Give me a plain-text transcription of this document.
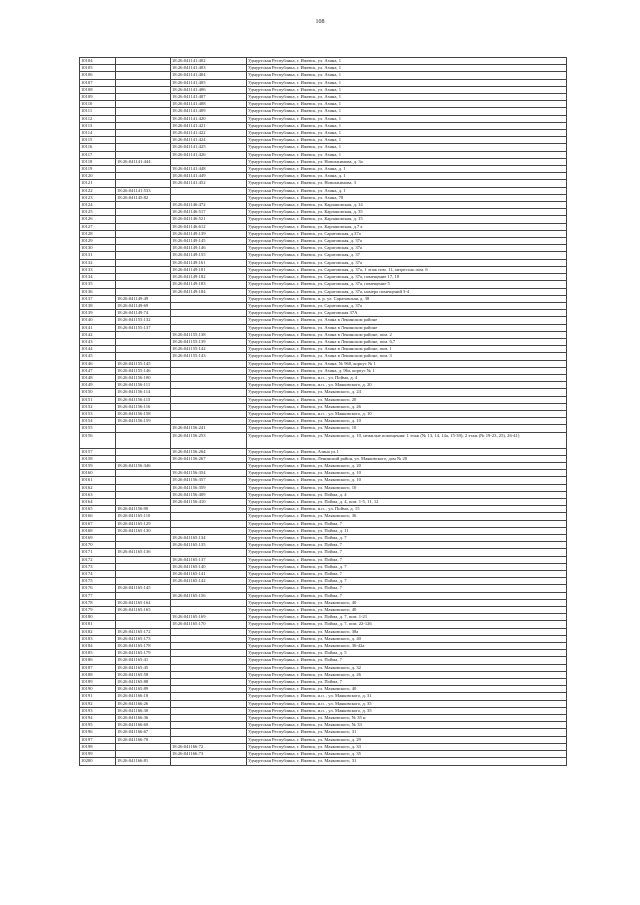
108
10104		18:26:041141:402	Удмуртская Республика, г. Ижевск, ул. Азина, 1
10105		18:26:041141:403	Удмуртская Республика, г. Ижевск, ул. Азина, 1
10106		18:26:041141:404	Удмуртская Республика, г. Ижевск, ул. Азина, 1
10107		18:26:041141:405	Удмуртская Республика, г. Ижевск, ул. Азина, 1
10108		18:26:041141:406	Удмуртская Республика, г. Ижевск, ул. Азина, 1
10109		18:26:041141:407	Удмуртская Республика, г. Ижевск, ул. Азина, 1
10110		18:26:041141:408	Удмуртская Республика, г. Ижевск, ул. Азина, 1
10111		18:26:041141:409	Удмуртская Республика, г. Ижевск, ул. Азина, 1
10112		18:26:041141:420	Удмуртская Республика, г. Ижевск, ул. Азина, 1
10113		18:26:041141:421	Удмуртская Республика, г. Ижевск, ул. Азина, 1
10114		18:26:041141:422	Удмуртская Республика, г. Ижевск, ул. Азина, 1
10115		18:26:041141:424	Удмуртская Республика, г. Ижевск, ул. Азина, 1
10116		18:26:041141:425	Удмуртская Республика, г. Ижевск, ул. Азина, 1
10117		18:26:041141:426	Удмуртская Республика, г. Ижевск, ул. Азина, 1
10118	18:26:041141:444		Удмуртская Республика, г. Ижевск, ул. Новоажимова, д. 3а
10119		18:26:041141:448	Удмуртская Республика, г. Ижевск, ул. Азина, д. 1
10120		18:26:041141:449	Удмуртская Республика, г. Ижевск, ул. Азина, д. 1
10121		18:26:041141:452	Удмуртская Республика, г. Ижевск, ул. Новоажимова, 3
10122	18:26:041141:533		Удмуртская Республика, г. Ижевск, ул. Азина, д. 1
10123	18:26:041145:82		Удмуртская Республика, г. Ижевск, ул. Азина, 78
10124		18:26:041146:472	Удмуртская Республика, г. Ижевск, ул. Карлановская, д. 14
10125		18:26:041146:517	Удмуртская Республика, г. Ижевск, ул. Карлановская, д. 35
10126		18:26:041146:521	Удмуртская Республика, г. Ижевск, ул. Карлановская, д. 15
10127		18:26:041146:612	Удмуртская Республика, г. Ижевск, ул. Карлановская, д.7 а
10128		18:26:041149:139	Удмуртская Республика, г. Ижевск, ул. Саратовская, д.37а
10129		18:26:041149:145	Удмуртская Республика, г. Ижевск, ул. Саратовская, д. 37а
10130		18:26:041149:146	Удмуртская Республика, г. Ижевск, ул. Саратовская, д. 37а
10131		18:26:041149:155	Удмуртская Республика, г. Ижевск, ул. Саратовская, д. 37
10132		18:26:041149:161	Удмуртская Республика, г. Ижевск, ул. Саратовская, д. 37а
10133		18:26:041149:181	Удмуртская Республика, г. Ижевск, ул. Саратовская, д. 37а, 1 этаж пом. 11, антресоль пом. 6
10134		18:26:041149:182	Удмуртская Республика, г. Ижевск, ул. Саратовская, д. 37а, помещение 17, 18
10135		18:26:041149:183	Удмуртская Республика, г. Ижевск, ул. Саратовская, д. 37а, помещение 5
10136		18:26:041149:184	Удмуртская Республика, г. Ижевск, ул. Саратовская, д. 37а, номера помещений 3-4
10137	18:26:041149:49		Удмуртская Республика, г. Ижевск, п. р. ул. Саратовская, д. 38
10138	18:26:041149:69		Удмуртская Республика, г. Ижевск, ул. Саратовская, д. 37а
10139	18:26:041149:74		Удмуртская Республика, г. Ижевск, ул. Саратовская 37А
10140	18:26:041155:132		Удмуртская Республика, г. Ижевск, ул. Азина в Ленинском районе
10141	18:26:041155:137		Удмуртская Республика, г. Ижевск, ул. Азина в Ленинском районе
10142		18:26:041155:138	Удмуртская Республика, г. Ижевск, ул. Азина в Ленинском районе, пом. 2
10143		18:26:041155:139	Удмуртская Республика, г. Ижевск, ул. Азина в Ленинском районе, пом. 6,7
10144		18:26:041155:142	Удмуртская Республика, г. Ижевск, ул. Азина в Ленинском районе, пом. 1
10145		18:26:041155:143	Удмуртская Республика, г. Ижевск, ул. Азина в Ленинском районе, пом. 3
10146	18:26:041155:145		Удмуртская Республика, г. Ижевск, ул. Азина, № 960, корпус № 1
10147	18:26:041155:146		Удмуртская Республика, г. Ижевск, ул. Азина, д. 96а, корпус № 1
10148	18:26:041156:100		Удмуртская Республика, г. Ижевск, и.п. , ул. Пойма, д. 4
10149	18:26:041156:111		Удмуртская Республика, г. Ижевск, и.п. , ул. Маяковского, д. 20
10150	18:26:041156:114		Удмуртская Республика, г. Ижевск, ул. Маяковского, д. 24
10151	18:26:041156:115		Удмуртская Республика, г. Ижевск, ул. Маяковского, 20
10152	18:26:041156:116		Удмуртская Республика, г. Ижевск, ул. Маяковского, д. 26
10153	18:26:041156:158		Удмуртская Республика, г. Ижевск, и.п. , ул. Маяковского, д. 10
10154	18:26:041156:159		Удмуртская Республика, г. Ижевск, ул. Маяковского, д. 10
10155		18:26:041156:241	Удмуртская Республика, г. Ижевск, ул. Маяковского, 10
10156		18:26:041156:253	Удмуртская Республика, г. Ижевск, ул. Маяковского, д. 10, нежилые помещения: 1 этаж (№ 13, 14, 14а, 15-39); 2 этаж (№ 19-23, 25), 26-41)
10157		18:26:041156:264	Удмуртская Республика, г. Ижевск, Азина ул.1
10158		18:26:041156:267	Удмуртская Республика, г. Ижевск, Ленинский район, ул. Маяковского, дом № 20
10159	18:26:041156:346		Удмуртская Республика, г. Ижевск, ул. Маяковского, д. 20
10160		18:26:041156:354	Удмуртская Республика, г. Ижевск, ул. Маяковского, д. 10
10161		18:26:041156:357	Удмуртская Республика, г. Ижевск, ул. Маяковского, д. 10
10162		18:26:041156:359	Удмуртская Республика, г. Ижевск, ул. Маяковского, 10
10163		18:26:041156:409	Удмуртская Республика, г. Ижевск, ул. Пойма, д. 4
10164		18:26:041156:410	Удмуртская Республика, г. Ижевск, ул. Пойма, д. 4, пом. 1-5, 11, 12
10165	18:26:041156:90		Удмуртская Республика, г. Ижевск, и.п. , ул. Пойма, д. 15
10166	18:26:041165:110		Удмуртская Республика, г. Ижевск, ул. Маяковского, 36
10167	18:26:041165:129		Удмуртская Республика, г. Ижевск, ул. Пойма, 7
10168	18:26:041165:130		Удмуртская Республика, г. Ижевск, ул. Пойма, д. 11
10169		18:26:041165:134	Удмуртская Республика, г. Ижевск, ул. Пойма, д. 7
10170		18:26:041165:135	Удмуртская Республика, г. Ижевск, ул. Пойма, 7
10171	18:26:041165:136		Удмуртская Республика, г. Ижевск, ул. Пойма, 7
10172		18:26:041165:137	Удмуртская Республика, г. Ижевск, ул. Пойма, 7
10173		18:26:041165:140	Удмуртская Республика, г. Ижевск, ул. Пойма, д. 7
10174		18:26:041165:141	Удмуртская Республика, г. Ижевск, ул. Пойма, 7
10175		18:26:041165:142	Удмуртская Республика, г. Ижевск, ул. Пойма, д. 7
10176	18:26:041165:145		Удмуртская Республика, г. Ижевск, ул. Пойма, 7
10177		18:26:041165:156	Удмуртская Республика, г. Ижевск, ул. Пойма, 7
10178	18:26:041165:164		Удмуртская Республика, г. Ижевск, ул. Маяковского, 40
10179	18:26:041165:165		Удмуртская Республика, г. Ижевск, ул. Маяковского, 40
10180		18:26:041165:169	Удмуртская Республика, г. Ижевск, ул. Пойма, д. 7, пом. 1-21
10181		18:26:041165:170	Удмуртская Республика, г. Ижевск, ул. Пойма, д. 7, пом. 22-126
10182	18:26:041165:172		Удмуртская Республика, г. Ижевск, ул. Маяковского, 38а
10183	18:26:041165:173		Удмуртская Республика, г. Ижевск, ул. Маяковского, д. 40
10184	18:26:041165:178		Удмуртская Республика, г. Ижевск, ул. Маяковского, 36-42а
10185	18:26:041165:179		Удмуртская Республика, г. Ижевск, ул. Пойма, д. 5
10186	18:26:041165:41		Удмуртская Республика, г. Ижевск, ул. Пойма, 7
10187	18:26:041165:45		Удмуртская Республика, г. Ижевск, ул. Маяковского, д. 32
10188	18:26:041165:58		Удмуртская Республика, г. Ижевск, ул. Маяковского, д. 26
10189	18:26:041165:88		Удмуртская Республика, г. Ижевск, ул. Пойма, 7
10190	18:26:041165:89		Удмуртская Республика, г. Ижевск, ул. Маяковского, 40
10191	18:26:041166:18		Удмуртская Республика, г. Ижевск, и.п. , ул. Маяковского, д. 31
10192	18:26:041166:26		Удмуртская Республика, г. Ижевск, и.п. , ул. Маяковского, д. 35
10193	18:26:041166:30		Удмуртская Республика, г. Ижевск, и.п. , ул. Маяковского, д. 35
10194	18:26:041166:36		Удмуртская Республика, г. Ижевск, ул. Маяковского, № 35 н
10195	18:26:041166:60		Удмуртская Республика, г. Ижевск, ул. Маяковского, № 33
10196	18:26:041166:67		Удмуртская Республика, г. Ижевск, ул. Маяковского, 31
10197	18:26:041166:70		Удмуртская Республика, г. Ижевск, ул. Маяковского, д. 29
10198		18:26:041166:72	Удмуртская Республика, г. Ижевск, ул. Маяковского, д. 33
10199		18:26:041166:73	Удмуртская Республика, г. Ижевск, ул. Маяковского, д. 35
10200	18:26:041166:81		Удмуртская Республика, г. Ижевск, ул. Маяковского, 31
